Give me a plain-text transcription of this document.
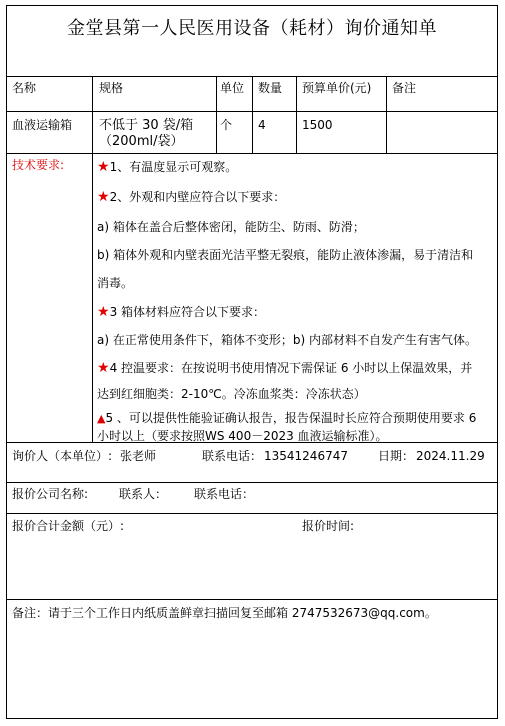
金堂县第一人民医用设备（耗材）询价通知单
名称	规格	单位 数量 预算单价(元) 备注
血液运输箱 不低于 30 袋/箱
（200ml/袋）
个 4	1500
技术要求: ★1、有温度显示可观察。
★2、外观和内壁应符合以下要求：
a) 箱体在盖合后整体密闭，能防尘、防雨、防滑；
b) 箱体外观和内壁表面光洁平整无裂痕，能防止液体渗漏，易于清洁和
消毒。
★3 箱体材料应符合以下要求：
a) 在正常使用条件下，箱体不变形；b) 内部材料不自发产生有害气体。
★4 控温要求：在按说明书使用情况下需保证 6 小时以上保温效果，并
达到红细胞类：2-10℃。冷冻血浆类：冷冻状态）
▲5 、可以提供性能验证确认报告，报告保温时长应符合预期使用要求 6
小时以上（要求按照WS 400－2023 血液运输标准）。
询价人（本单位）: 张老师	联系电话： 13541246747	日期： 2024.11.29
报价公司名称:	联系人： 联系电话：
报价合计金额（元）:	报价时间:
备注：请于三个工作日内纸质盖鲜章扫描回复至邮箱 2747532673@qq.com。
